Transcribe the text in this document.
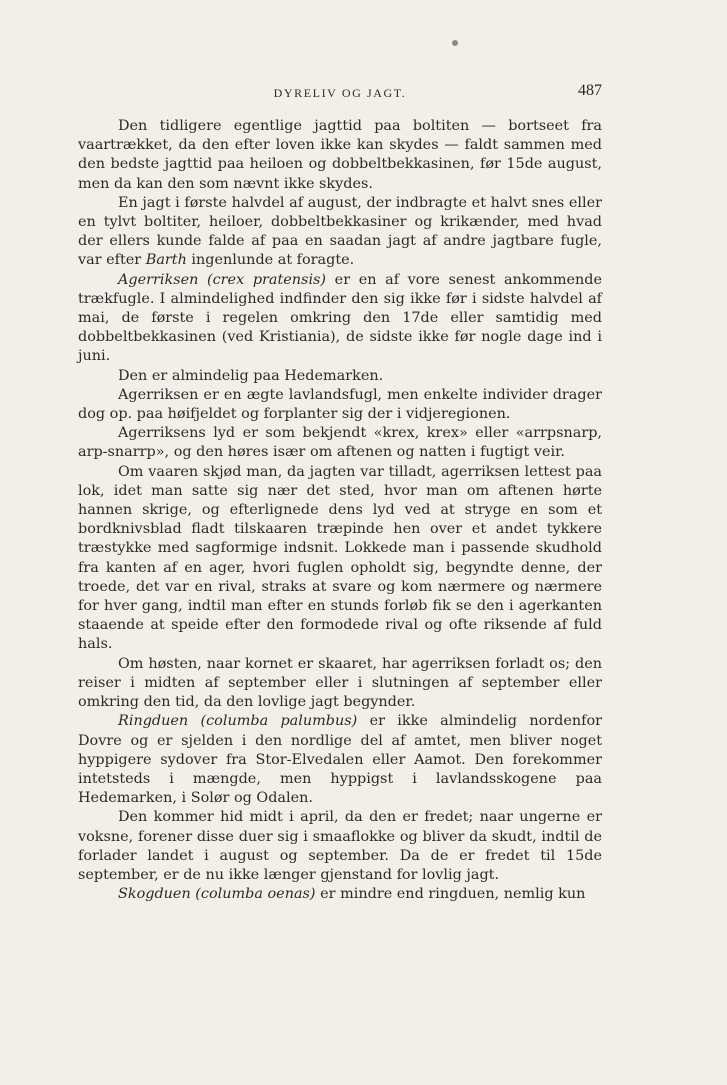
DYRELIV OG JAGT.	487

Den tidligere egentlige jagttid paa boltiten — bortseet fra vaartrækket, da den efter loven ikke kan skydes — faldt sammen med den bedste jagttid paa heiloen og dobbeltbekkasinen, før 15de august, men da kan den som nævnt ikke skydes.

En jagt i første halvdel af august, der indbragte et halvt snes eller en tylvt boltiter, heiloer, dobbeltbekkasiner og krikænder, med hvad der ellers kunde falde af paa en saadan jagt af andre jagtbare fugle, var efter Barth ingenlunde at foragte.

Agerriksen (crex pratensis) er en af vore senest ankommende trækfugle. I almindelighed indfinder den sig ikke før i sidste halvdel af mai, de første i regelen omkring den 17de eller samtidig med dobbeltbekkasinen (ved Kristiania), de sidste ikke før nogle dage ind i juni.

Den er almindelig paa Hedemarken.

Agerriksen er en ægte lavlandsfugl, men enkelte individer drager dog op. paa høifjeldet og forplanter sig der i vidjeregionen.

Agerriksens lyd er som bekjendt «krex, krex» eller «arrpsnarp, arp-snarrp», og den høres især om aftenen og natten i fugtigt veir.

Om vaaren skjød man, da jagten var tilladt, agerriksen lettest paa lok, idet man satte sig nær det sted, hvor man om aftenen hørte hannen skrige, og efterlignede dens lyd ved at stryge en som et bordknivsblad fladt tilskaaren træpinde hen over et andet tykkere træstykke med sagformige indsnit. Lokkede man i passende skudhold fra kanten af en ager, hvori fuglen opholdt sig, begyndte denne, der troede, det var en rival, straks at svare og kom nærmere og nærmere for hver gang, indtil man efter en stunds forløb fik se den i agerkanten staaende at speide efter den formodede rival og ofte riksende af fuld hals.

Om høsten, naar kornet er skaaret, har agerriksen forladt os; den reiser i midten af september eller i slutningen af september eller omkring den tid, da den lovlige jagt begynder.

Ringduen (columba palumbus) er ikke almindelig nordenfor Dovre og er sjelden i den nordlige del af amtet, men bliver noget hyppigere sydover fra Stor-Elvedalen eller Aamot. Den forekommer intetsteds i mængde, men hyppigst i lavlandsskogene paa Hedemarken, i Solør og Odalen.

Den kommer hid midt i april, da den er fredet; naar ungerne er voksne, forener disse duer sig i smaaflokke og bliver da skudt, indtil de forlader landet i august og september. Da de er fredet til 15de september, er de nu ikke længer gjenstand for lovlig jagt.

Skogduen (columba oenas) er mindre end ringduen, nemlig kun
